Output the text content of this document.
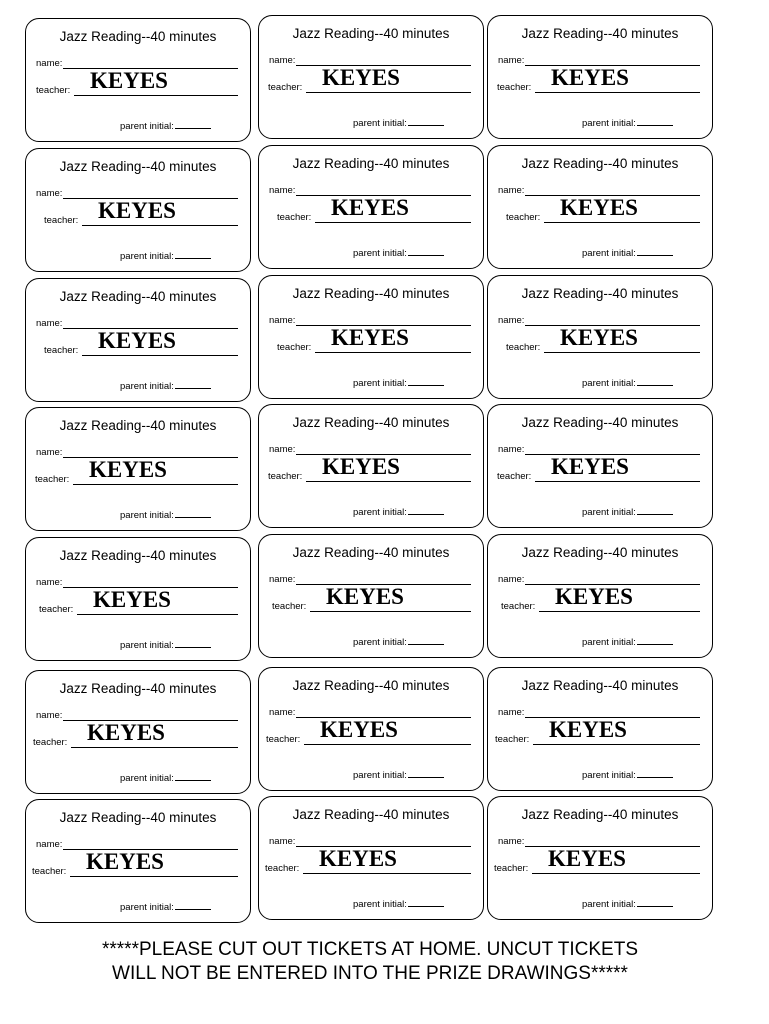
Jazz Reading--40 minutes
name:
teacher: KEYES
parent initial:
Jazz Reading--40 minutes
name:
teacher: KEYES
parent initial:
Jazz Reading--40 minutes
name:
teacher: KEYES
parent initial:
Jazz Reading--40 minutes
name:
teacher: KEYES
parent initial:
Jazz Reading--40 minutes
name:
teacher: KEYES
parent initial:
Jazz Reading--40 minutes
name:
teacher: KEYES
parent initial:
Jazz Reading--40 minutes
name:
teacher: KEYES
parent initial:
Jazz Reading--40 minutes
name:
teacher: KEYES
parent initial:
Jazz Reading--40 minutes
name:
teacher: KEYES
parent initial:
Jazz Reading--40 minutes
name:
teacher: KEYES
parent initial:
Jazz Reading--40 minutes
name:
teacher: KEYES
parent initial:
Jazz Reading--40 minutes
name:
teacher: KEYES
parent initial:
Jazz Reading--40 minutes
name:
teacher: KEYES
parent initial:
Jazz Reading--40 minutes
name:
teacher: KEYES
parent initial:
Jazz Reading--40 minutes
name:
teacher: KEYES
parent initial:
Jazz Reading--40 minutes
name:
teacher: KEYES
parent initial:
Jazz Reading--40 minutes
name:
teacher: KEYES
parent initial:
Jazz Reading--40 minutes
name:
teacher: KEYES
parent initial:
Jazz Reading--40 minutes
name:
teacher: KEYES
parent initial:
Jazz Reading--40 minutes
name:
teacher: KEYES
parent initial:
Jazz Reading--40 minutes
name:
teacher: KEYES
parent initial:
*****PLEASE CUT OUT TICKETS AT HOME. UNCUT TICKETS WILL NOT BE ENTERED INTO THE PRIZE DRAWINGS*****
